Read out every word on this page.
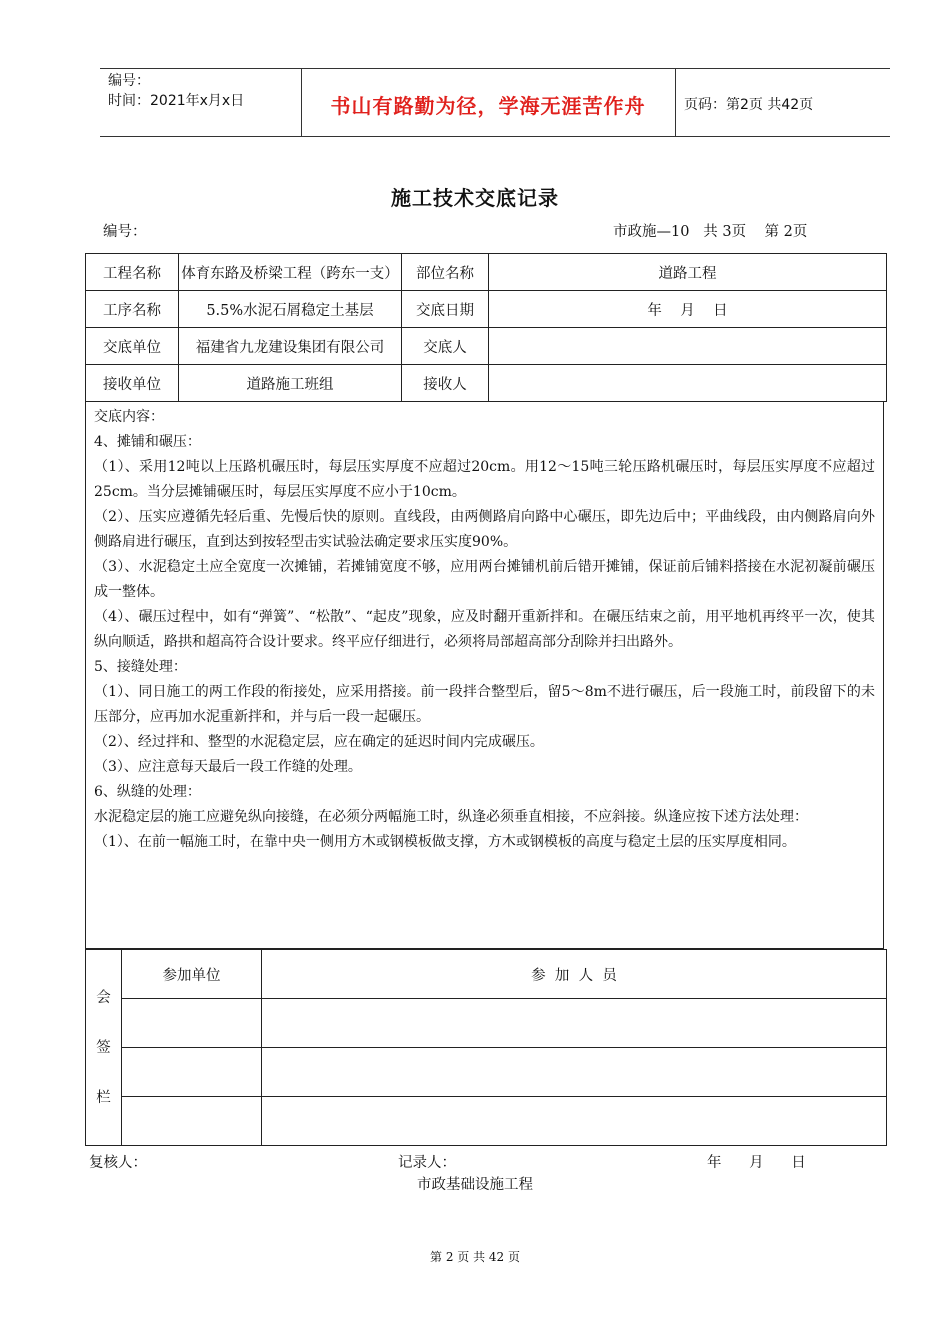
编号：
时间：2021年x月x日	书山有路勤为径，学海无涯苦作舟	页码：第2页 共42页
施工技术交底记录
编号：	市政施—10   共 3页    第 2页
工程名称	体育东路及桥梁工程（跨东一支）	部位名称	道路工程
工序名称	5.5%水泥石屑稳定土基层	交底日期	年    月    日
交底单位	福建省九龙建设集团有限公司	交底人	
接收单位	道路施工班组	接收人	

交底内容：

4、摊铺和碾压：

（1）、采用12吨以上压路机碾压时，每层压实厚度不应超过20cm。用12～15吨三轮压路机碾压时，每层压实厚度不应超过25cm。当分层摊铺碾压时，每层压实厚度不应小于10cm。

（2）、压实应遵循先轻后重、先慢后快的原则。直线段，由两侧路肩向路中心碾压，即先边后中；平曲线段，由内侧路肩向外侧路肩进行碾压，直到达到按轻型击实试验法确定要求压实度90%。

（3）、水泥稳定土应全宽度一次摊铺，若摊铺宽度不够，应用两台摊铺机前后错开摊铺，保证前后铺料搭接在水泥初凝前碾压成一整体。

（4）、碾压过程中，如有“弹簧”、“松散”、“起皮”现象，应及时翻开重新拌和。在碾压结束之前，用平地机再终平一次，使其纵向顺适，路拱和超高符合设计要求。终平应仔细进行，必须将局部超高部分刮除并扫出路外。

5、接缝处理：

（1）、同日施工的两工作段的衔接处，应采用搭接。前一段拌合整型后，留5～8m不进行碾压，后一段施工时，前段留下的未压部分，应再加水泥重新拌和，并与后一段一起碾压。

（2）、经过拌和、整型的水泥稳定层，应在确定的延迟时间内完成碾压。

（3）、应注意每天最后一段工作缝的处理。

6、纵缝的处理：

水泥稳定层的施工应避免纵向接缝，在必须分两幅施工时，纵逢必须垂直相接，不应斜接。纵逢应按下述方法处理：

（1）、在前一幅施工时，在靠中央一侧用方木或钢模板做支撑，方木或钢模板的高度与稳定土层的压实厚度相同。

会
签
栏	参加单位	参  加  人  员

复核人：	记录人：	年      月      日
市政基础设施工程
第 2 页 共 42 页
